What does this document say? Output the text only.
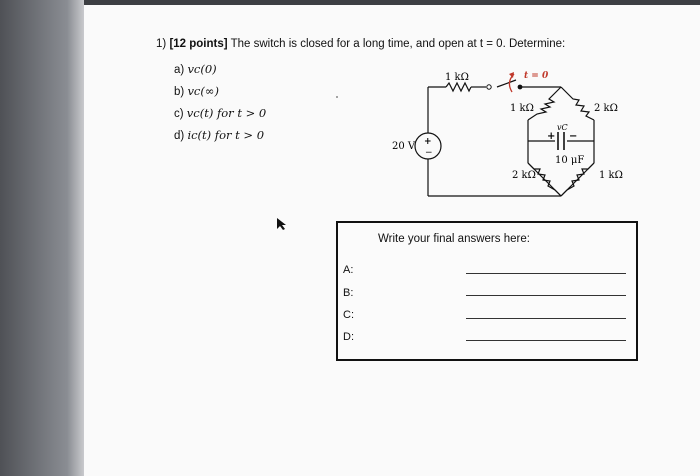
1) [12 points] The switch is closed for a long time, and open at t = 0. Determine:
a) vc(0)
b) vc(∞)
c) vc(t) for t > 0
d) ic(t) for t > 0
1 kΩ	t = 0
20 V +
−
1 kΩ	2 kΩ
2 kΩ	1 kΩ
10 μF
vC
+ −
Write your final answers here:
A:
B:
C:
D:
